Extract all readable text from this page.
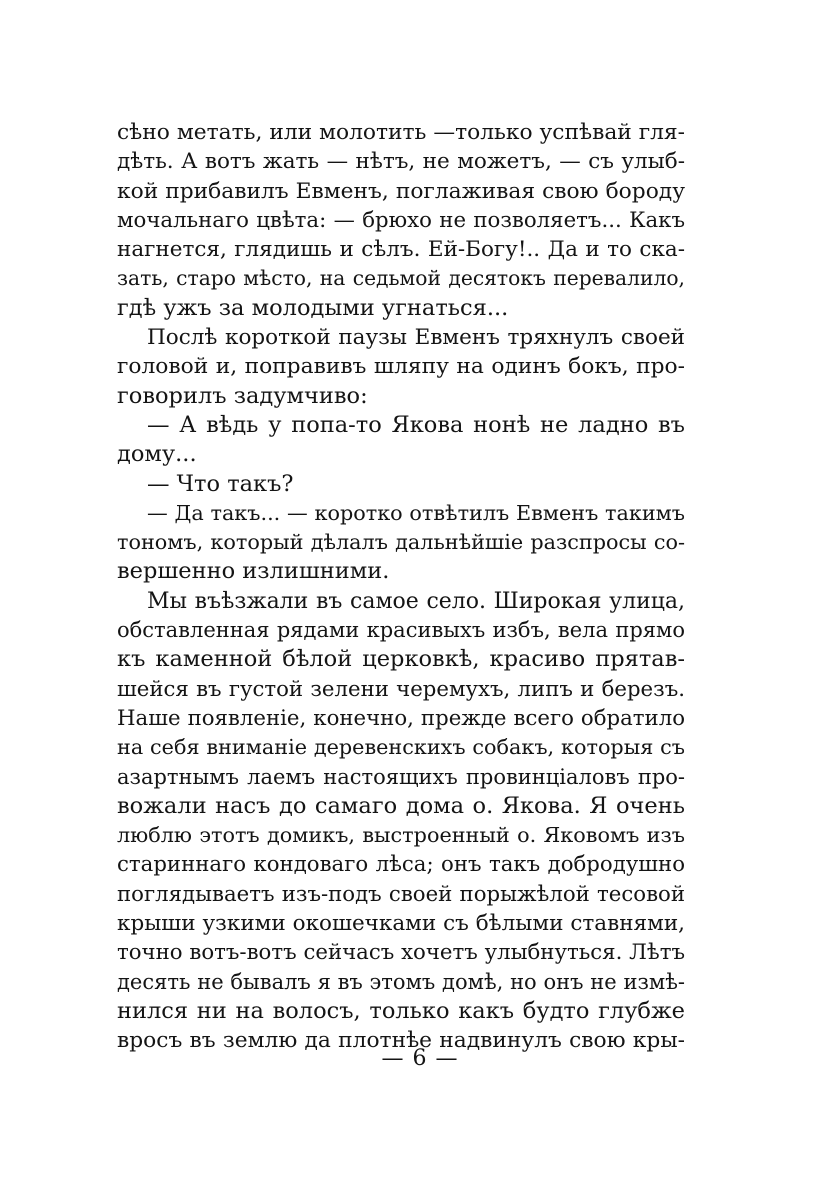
сѣно метать, или молотить —только успѣвай гля-
дѣть. А вотъ жать — нѣтъ, не можетъ, — съ улыб-
кой прибавилъ Евменъ, поглаживая свою бороду
мочальнаго цвѣта: — брюхо не позволяетъ... Какъ
нагнется, глядишь и сѣлъ. Ей-Богу!.. Да и то ска-
зать, старо мѣсто, на седьмой десятокъ перевалило,
гдѣ ужъ за молодыми угнаться...
Послѣ короткой паузы Евменъ тряхнулъ своей
головой и, поправивъ шляпу на одинъ бокъ, про-
говорилъ задумчиво:
— А вѣдь у попа-то Якова нонѣ не ладно въ
дому...
— Что такъ?
— Да такъ... — коротко отвѣтилъ Евменъ такимъ
тономъ, который дѣлалъ дальнѣйшіе разспросы со-
вершенно излишними.
Мы въѣзжали въ самое село. Широкая улица,
обставленная рядами красивыхъ избъ, вела прямо
къ каменной бѣлой церковкѣ, красиво прятав-
шейся въ густой зелени черемухъ, липъ и березъ.
Наше появленіе, конечно, прежде всего обратило
на себя вниманіе деревенскихъ собакъ, которыя съ
азартнымъ лаемъ настоящихъ провинціаловъ про-
вожали насъ до самаго дома о. Якова. Я очень
люблю этотъ домикъ, выстроенный о. Яковомъ изъ
стариннаго кондоваго лѣса; онъ такъ добродушно
поглядываетъ изъ-подъ своей порыжѣлой тесовой
крыши узкими окошечками съ бѣлыми ставнями,
точно вотъ-вотъ сейчасъ хочетъ улыбнуться. Лѣтъ
десять не бывалъ я въ этомъ домѣ, но онъ не измѣ-
нился ни на волосъ, только какъ будто глубже
вросъ въ землю да плотнѣе надвинулъ свою кры-
— 6 —
